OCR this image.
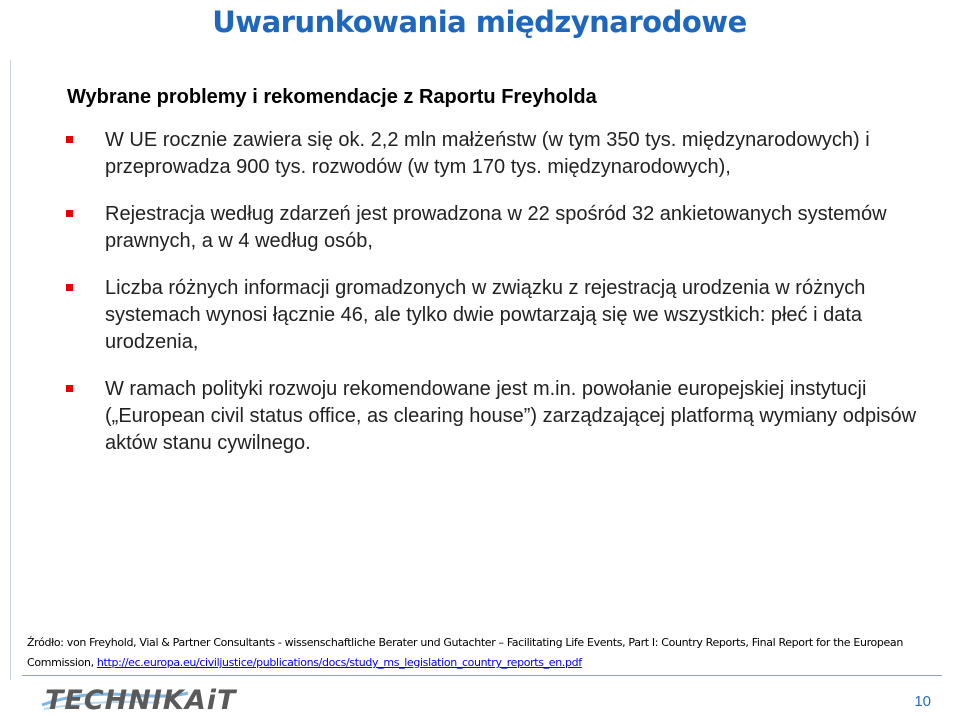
Uwarunkowania międzynarodowe

Wybrane problemy i rekomendacje z Raportu Freyholda

W UE rocznie zawiera się ok. 2,2 mln małżeństw (w tym 350 tys. międzynarodowych) i przeprowadza 900 tys. rozwodów (w tym 170 tys. międzynarodowych),
Rejestracja według zdarzeń jest prowadzona w 22 spośród 32 ankietowanych systemów prawnych, a w 4 według osób,
Liczba różnych informacji gromadzonych w związku z rejestracją urodzenia w różnych systemach wynosi łącznie 46, ale tylko dwie powtarzają się we wszystkich: płeć i data urodzenia,
W ramach polityki rozwoju rekomendowane jest m.in. powołanie europejskiej instytucji („European civil status office, as clearing house”) zarządzającej platformą wymiany odpisów aktów stanu cywilnego.
Źródło: von Freyhold, Vial & Partner Consultants - wissenschaftliche Berater und Gutachter – Facilitating Life Events, Part I: Country Reports, Final Report for the European Commission, http://ec.europa.eu/civiljustice/publications/docs/study_ms_legislation_country_reports_en.pdf
TECHNIKAiT	10
